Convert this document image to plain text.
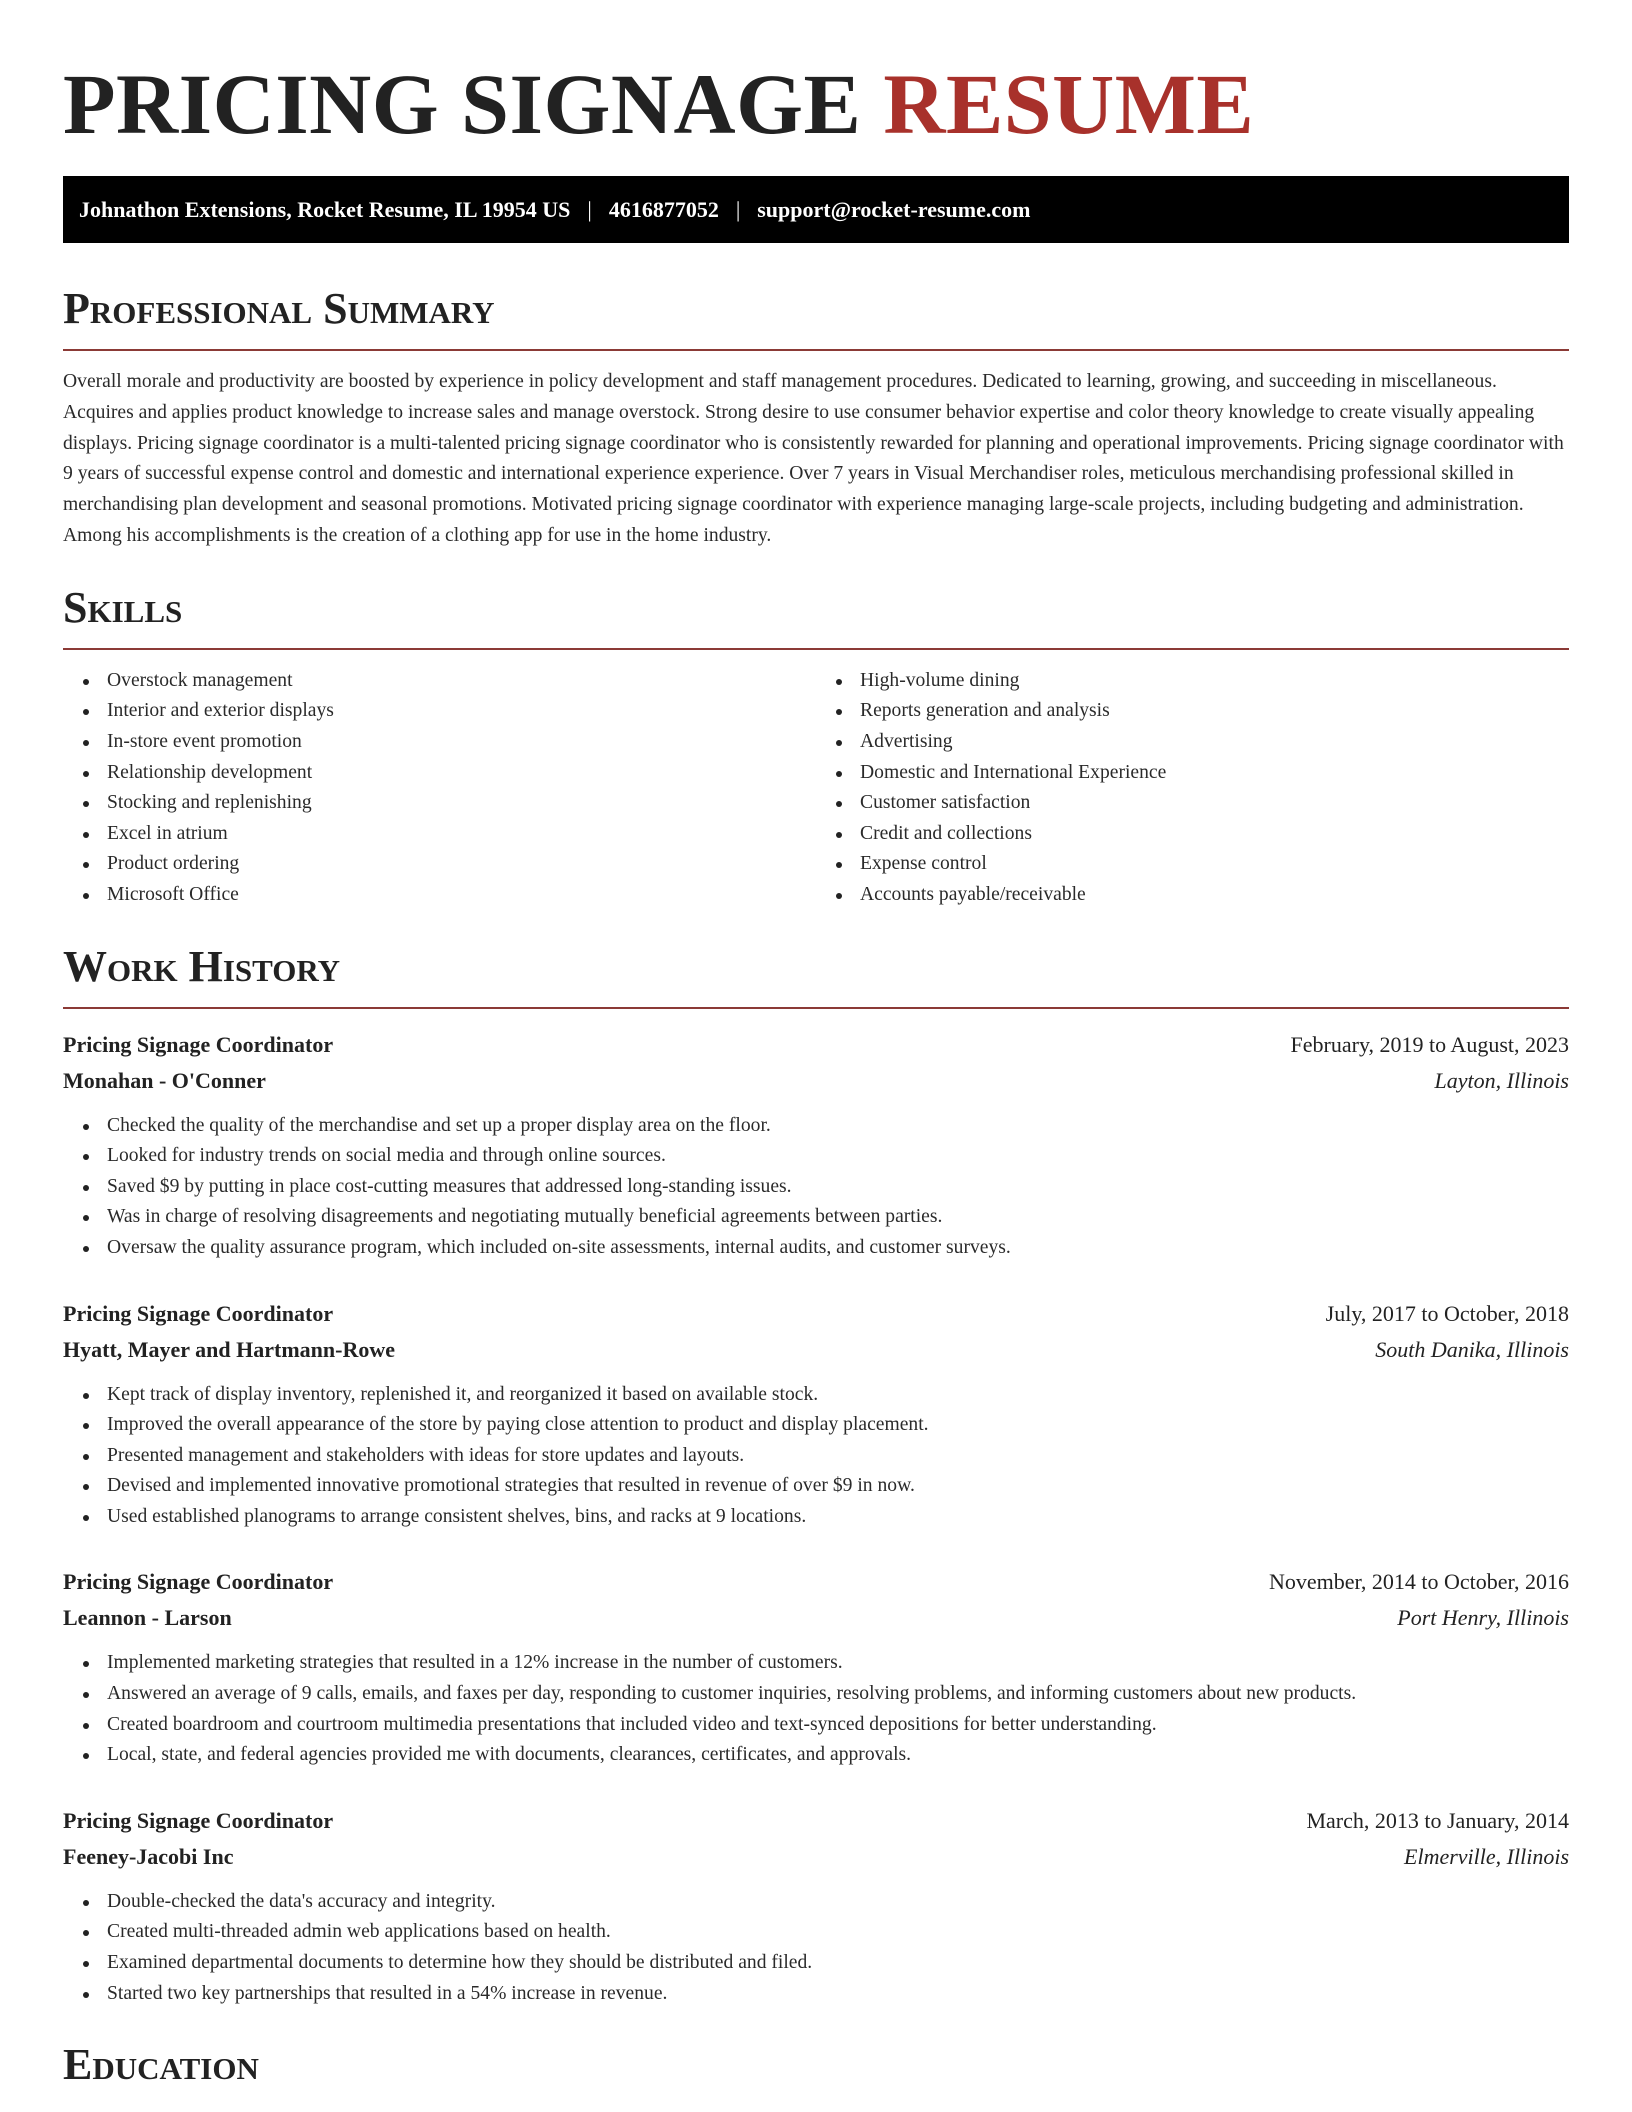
PRICING SIGNAGE RESUME
Johnathon Extensions, Rocket Resume, IL 19954 US | 4616877052 | support@rocket-resume.com
Professional Summary

Overall morale and productivity are boosted by experience in policy development and staff management procedures. Dedicated to learning, growing, and succeeding in miscellaneous. Acquires and applies product knowledge to increase sales and manage overstock. Strong desire to use consumer behavior expertise and color theory knowledge to create visually appealing displays. Pricing signage coordinator is a multi-talented pricing signage coordinator who is consistently rewarded for planning and operational improvements. Pricing signage coordinator with 9 years of successful expense control and domestic and international experience experience. Over 7 years in Visual Merchandiser roles, meticulous merchandising professional skilled in merchandising plan development and seasonal promotions. Motivated pricing signage coordinator with experience managing large-scale projects, including budgeting and administration. Among his accomplishments is the creation of a clothing app for use in the home industry.

Skills
Overstock management
Interior and exterior displays
In-store event promotion
Relationship development
Stocking and replenishing
Excel in atrium
Product ordering
Microsoft Office
High-volume dining
Reports generation and analysis
Advertising
Domestic and International Experience
Customer satisfaction
Credit and collections
Expense control
Accounts payable/receivable
Work History
Pricing Signage Coordinator	February, 2019 to August, 2023
Monahan - O'Conner	Layton, Illinois
Checked the quality of the merchandise and set up a proper display area on the floor.
Looked for industry trends on social media and through online sources.
Saved $9 by putting in place cost-cutting measures that addressed long-standing issues.
Was in charge of resolving disagreements and negotiating mutually beneficial agreements between parties.
Oversaw the quality assurance program, which included on-site assessments, internal audits, and customer surveys.
Pricing Signage Coordinator	July, 2017 to October, 2018
Hyatt, Mayer and Hartmann-Rowe	South Danika, Illinois
Kept track of display inventory, replenished it, and reorganized it based on available stock.
Improved the overall appearance of the store by paying close attention to product and display placement.
Presented management and stakeholders with ideas for store updates and layouts.
Devised and implemented innovative promotional strategies that resulted in revenue of over $9 in now.
Used established planograms to arrange consistent shelves, bins, and racks at 9 locations.
Pricing Signage Coordinator	November, 2014 to October, 2016
Leannon - Larson	Port Henry, Illinois
Implemented marketing strategies that resulted in a 12% increase in the number of customers.
Answered an average of 9 calls, emails, and faxes per day, responding to customer inquiries, resolving problems, and informing customers about new products.
Created boardroom and courtroom multimedia presentations that included video and text-synced depositions for better understanding.
Local, state, and federal agencies provided me with documents, clearances, certificates, and approvals.
Pricing Signage Coordinator	March, 2013 to January, 2014
Feeney-Jacobi Inc	Elmerville, Illinois
Double-checked the data's accuracy and integrity.
Created multi-threaded admin web applications based on health.
Examined departmental documents to determine how they should be distributed and filed.
Started two key partnerships that resulted in a 54% increase in revenue.
Education
